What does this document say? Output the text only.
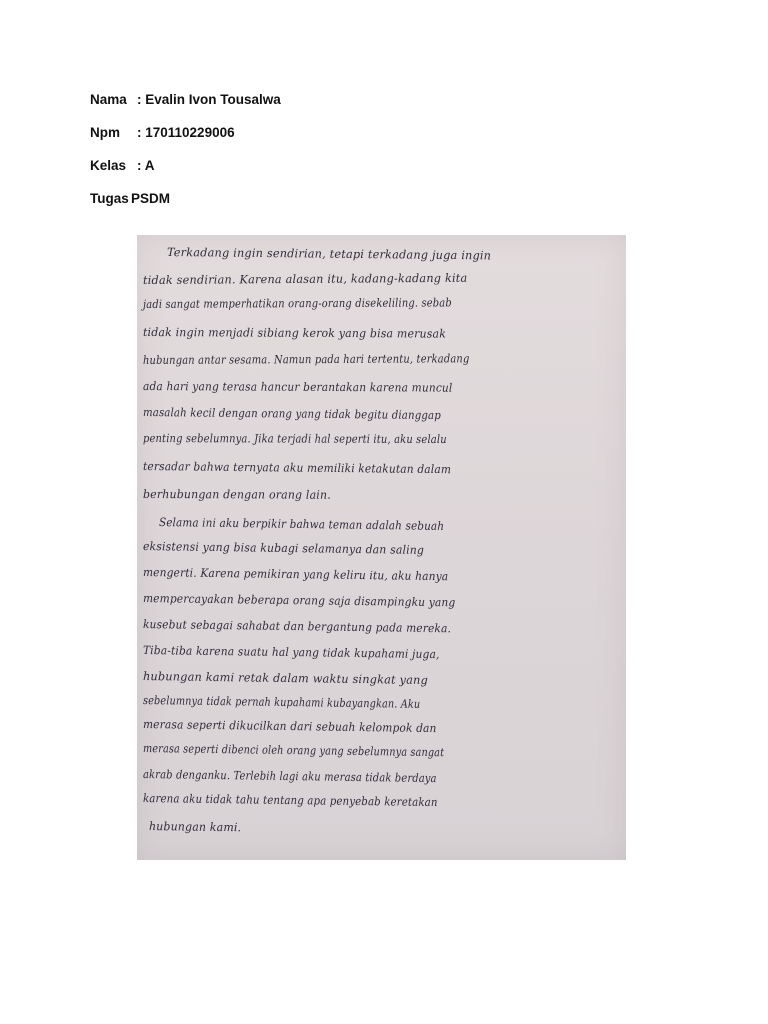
Nama : Evalin Ivon Tousalwa
Npm	: 170110229006
Kelas : A
Tugas PSDM
Terkadang ingin sendirian, tetapi terkadang juga ingin
tidak sendirian. Karena alasan itu, kadang-kadang kita
jadi sangat memperhatikan orang-orang disekeliling. sebab
tidak ingin menjadi sibiang kerok yang bisa merusak
hubungan antar sesama. Namun pada hari tertentu, terkadang
ada hari yang terasa hancur berantakan karena muncul
masalah kecil dengan orang yang tidak begitu dianggap
penting sebelumnya. Jika terjadi hal seperti itu, aku selalu
tersadar bahwa ternyata aku memiliki ketakutan dalam
berhubungan dengan orang lain.
Selama ini aku berpikir bahwa teman adalah sebuah
eksistensi yang bisa kubagi selamanya dan saling
mengerti. Karena pemikiran yang keliru itu, aku hanya
mempercayakan beberapa orang saja disampingku yang
kusebut sebagai sahabat dan bergantung pada mereka.
Tiba-tiba karena suatu hal yang tidak kupahami juga,
hubungan kami retak dalam waktu singkat yang
sebelumnya tidak pernah kupahami kubayangkan. Aku
merasa seperti dikucilkan dari sebuah kelompok dan
merasa seperti dibenci oleh orang yang sebelumnya sangat
akrab denganku. Terlebih lagi aku merasa tidak berdaya
karena aku tidak tahu tentang apa penyebab keretakan
hubungan kami.
